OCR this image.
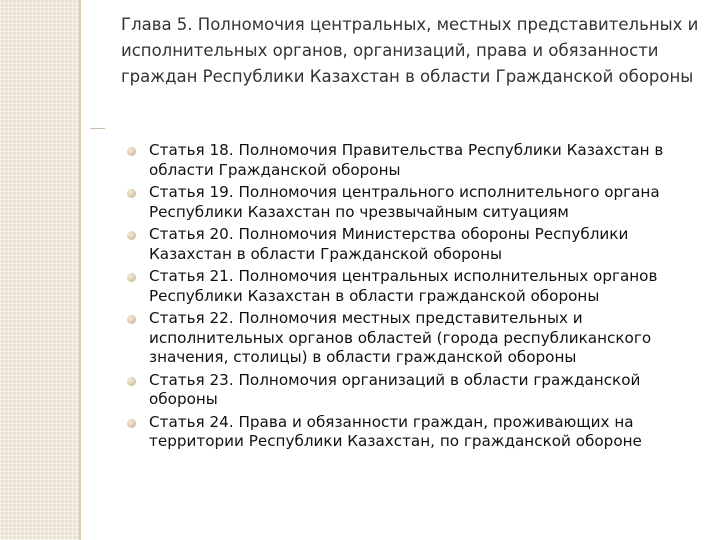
Глава 5. Полномочия центральных, местных представительных и исполнительных органов, организаций, права и обязанности граждан Республики Казахстан в области Гражданской обороны
Статья 18. Полномочия Правительства Республики Казахстан в области Гражданской обороны
Статья 19. Полномочия центрального исполнительного органа Республики Казахстан по чрезвычайным ситуациям
Статья 20. Полномочия Министерства обороны Республики Казахстан в области Гражданской обороны
Статья 21. Полномочия центральных исполнительных органов Республики Казахстан в области гражданской обороны
Статья 22. Полномочия местных представительных и исполнительных органов областей (города республиканского значения, столицы) в области гражданской обороны
Статья 23. Полномочия организаций в области гражданской обороны
Статья 24. Права и обязанности граждан, проживающих на территории Республики Казахстан, по гражданской обороне
